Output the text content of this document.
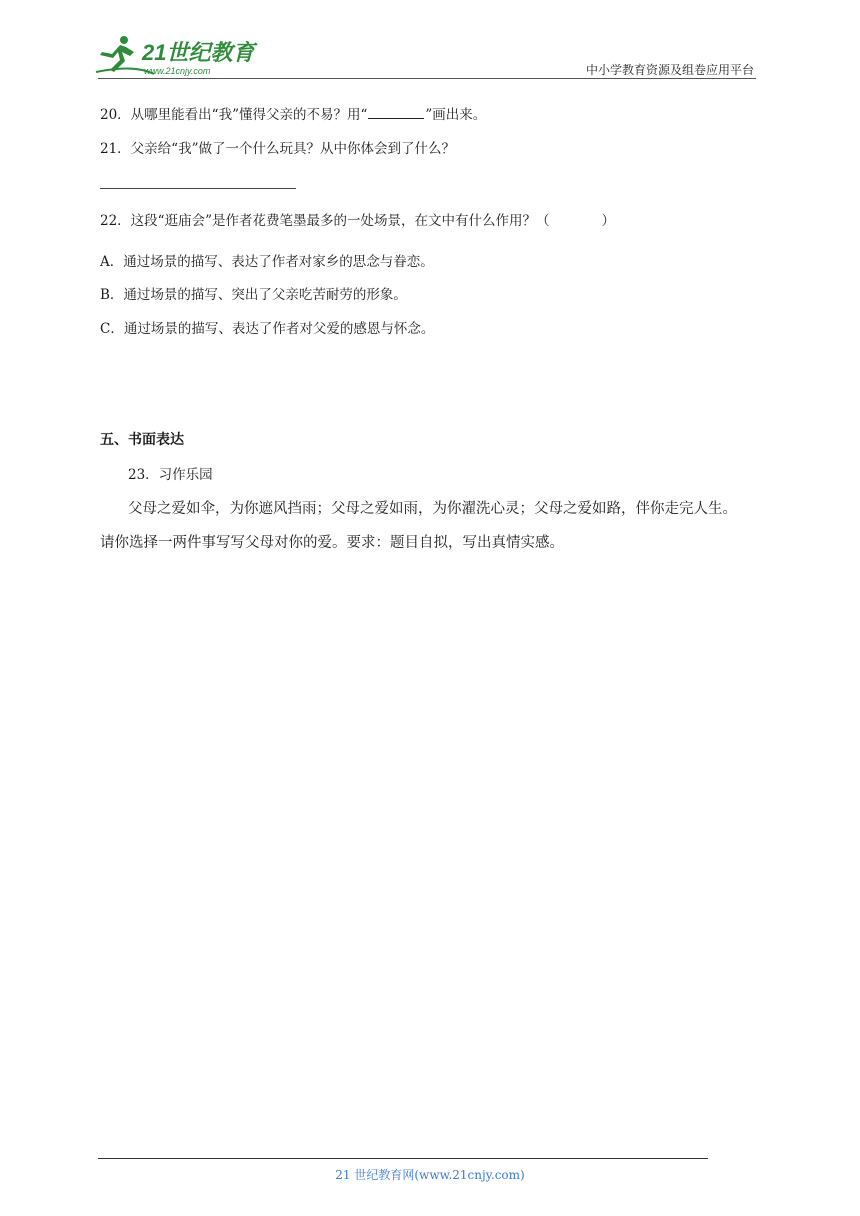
21世纪教育
www.21cnjy.com	中小学教育资源及组卷应用平台
20．从哪里能看出“我”懂得父亲的不易？用“	”画出来。
21．父亲给“我”做了一个什么玩具？从中你体会到了什么？
22．这段“逛庙会”是作者花费笔墨最多的一处场景，在文中有什么作用？（	）
A．通过场景的描写、表达了作者对家乡的思念与眷恋。
B．通过场景的描写、突出了父亲吃苦耐劳的形象。
C．通过场景的描写、表达了作者对父爱的感恩与怀念。
五、书面表达
23．习作乐园
父母之爱如伞，为你遮风挡雨；父母之爱如雨，为你濯洗心灵；父母之爱如路，伴你走完人生。
请你选择一两件事写写父母对你的爱。要求：题目自拟，写出真情实感。
21 世纪教育网(www.21cnjy.com)
